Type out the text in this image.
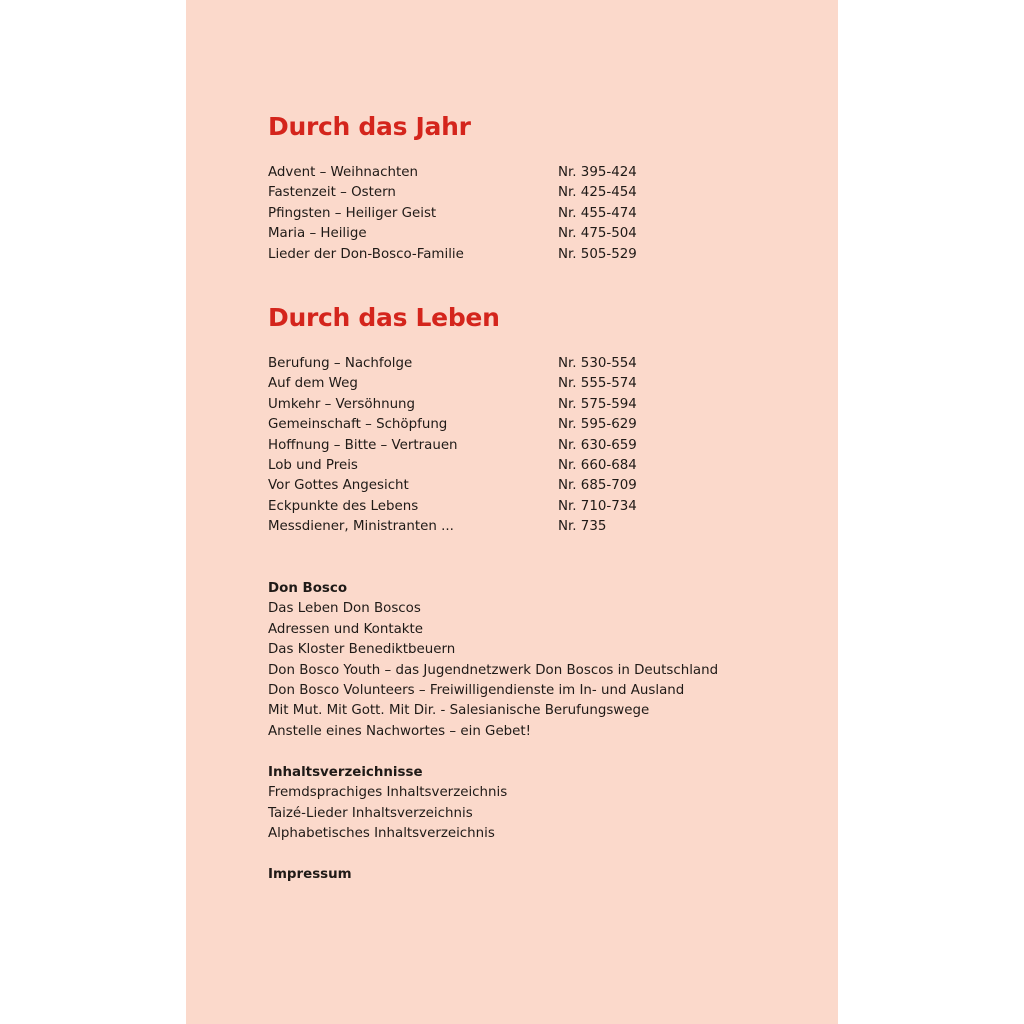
Durch das Jahr
Advent – Weihnachten	Nr. 395-424
Fastenzeit – Ostern	Nr. 425-454
Pfingsten – Heiliger Geist	Nr. 455-474
Maria – Heilige	Nr. 475-504
Lieder der Don-Bosco-Familie	Nr. 505-529
Durch das Leben
Berufung – Nachfolge	Nr. 530-554
Auf dem Weg	Nr. 555-574
Umkehr – Versöhnung	Nr. 575-594
Gemeinschaft – Schöpfung	Nr. 595-629
Hoffnung – Bitte – Vertrauen	Nr. 630-659
Lob und Preis	Nr. 660-684
Vor Gottes Angesicht	Nr. 685-709
Eckpunkte des Lebens	Nr. 710-734
Messdiener, Ministranten ...	Nr. 735
Don Bosco
Das Leben Don Boscos
Adressen und Kontakte
Das Kloster Benediktbeuern
Don Bosco Youth – das Jugendnetzwerk Don Boscos in Deutschland
Don Bosco Volunteers – Freiwilligendienste im In- und Ausland
Mit Mut. Mit Gott. Mit Dir. - Salesianische Berufungswege
Anstelle eines Nachwortes – ein Gebet!
Inhaltsverzeichnisse
Fremdsprachiges Inhaltsverzeichnis
Taizé-Lieder Inhaltsverzeichnis
Alphabetisches Inhaltsverzeichnis
Impressum
